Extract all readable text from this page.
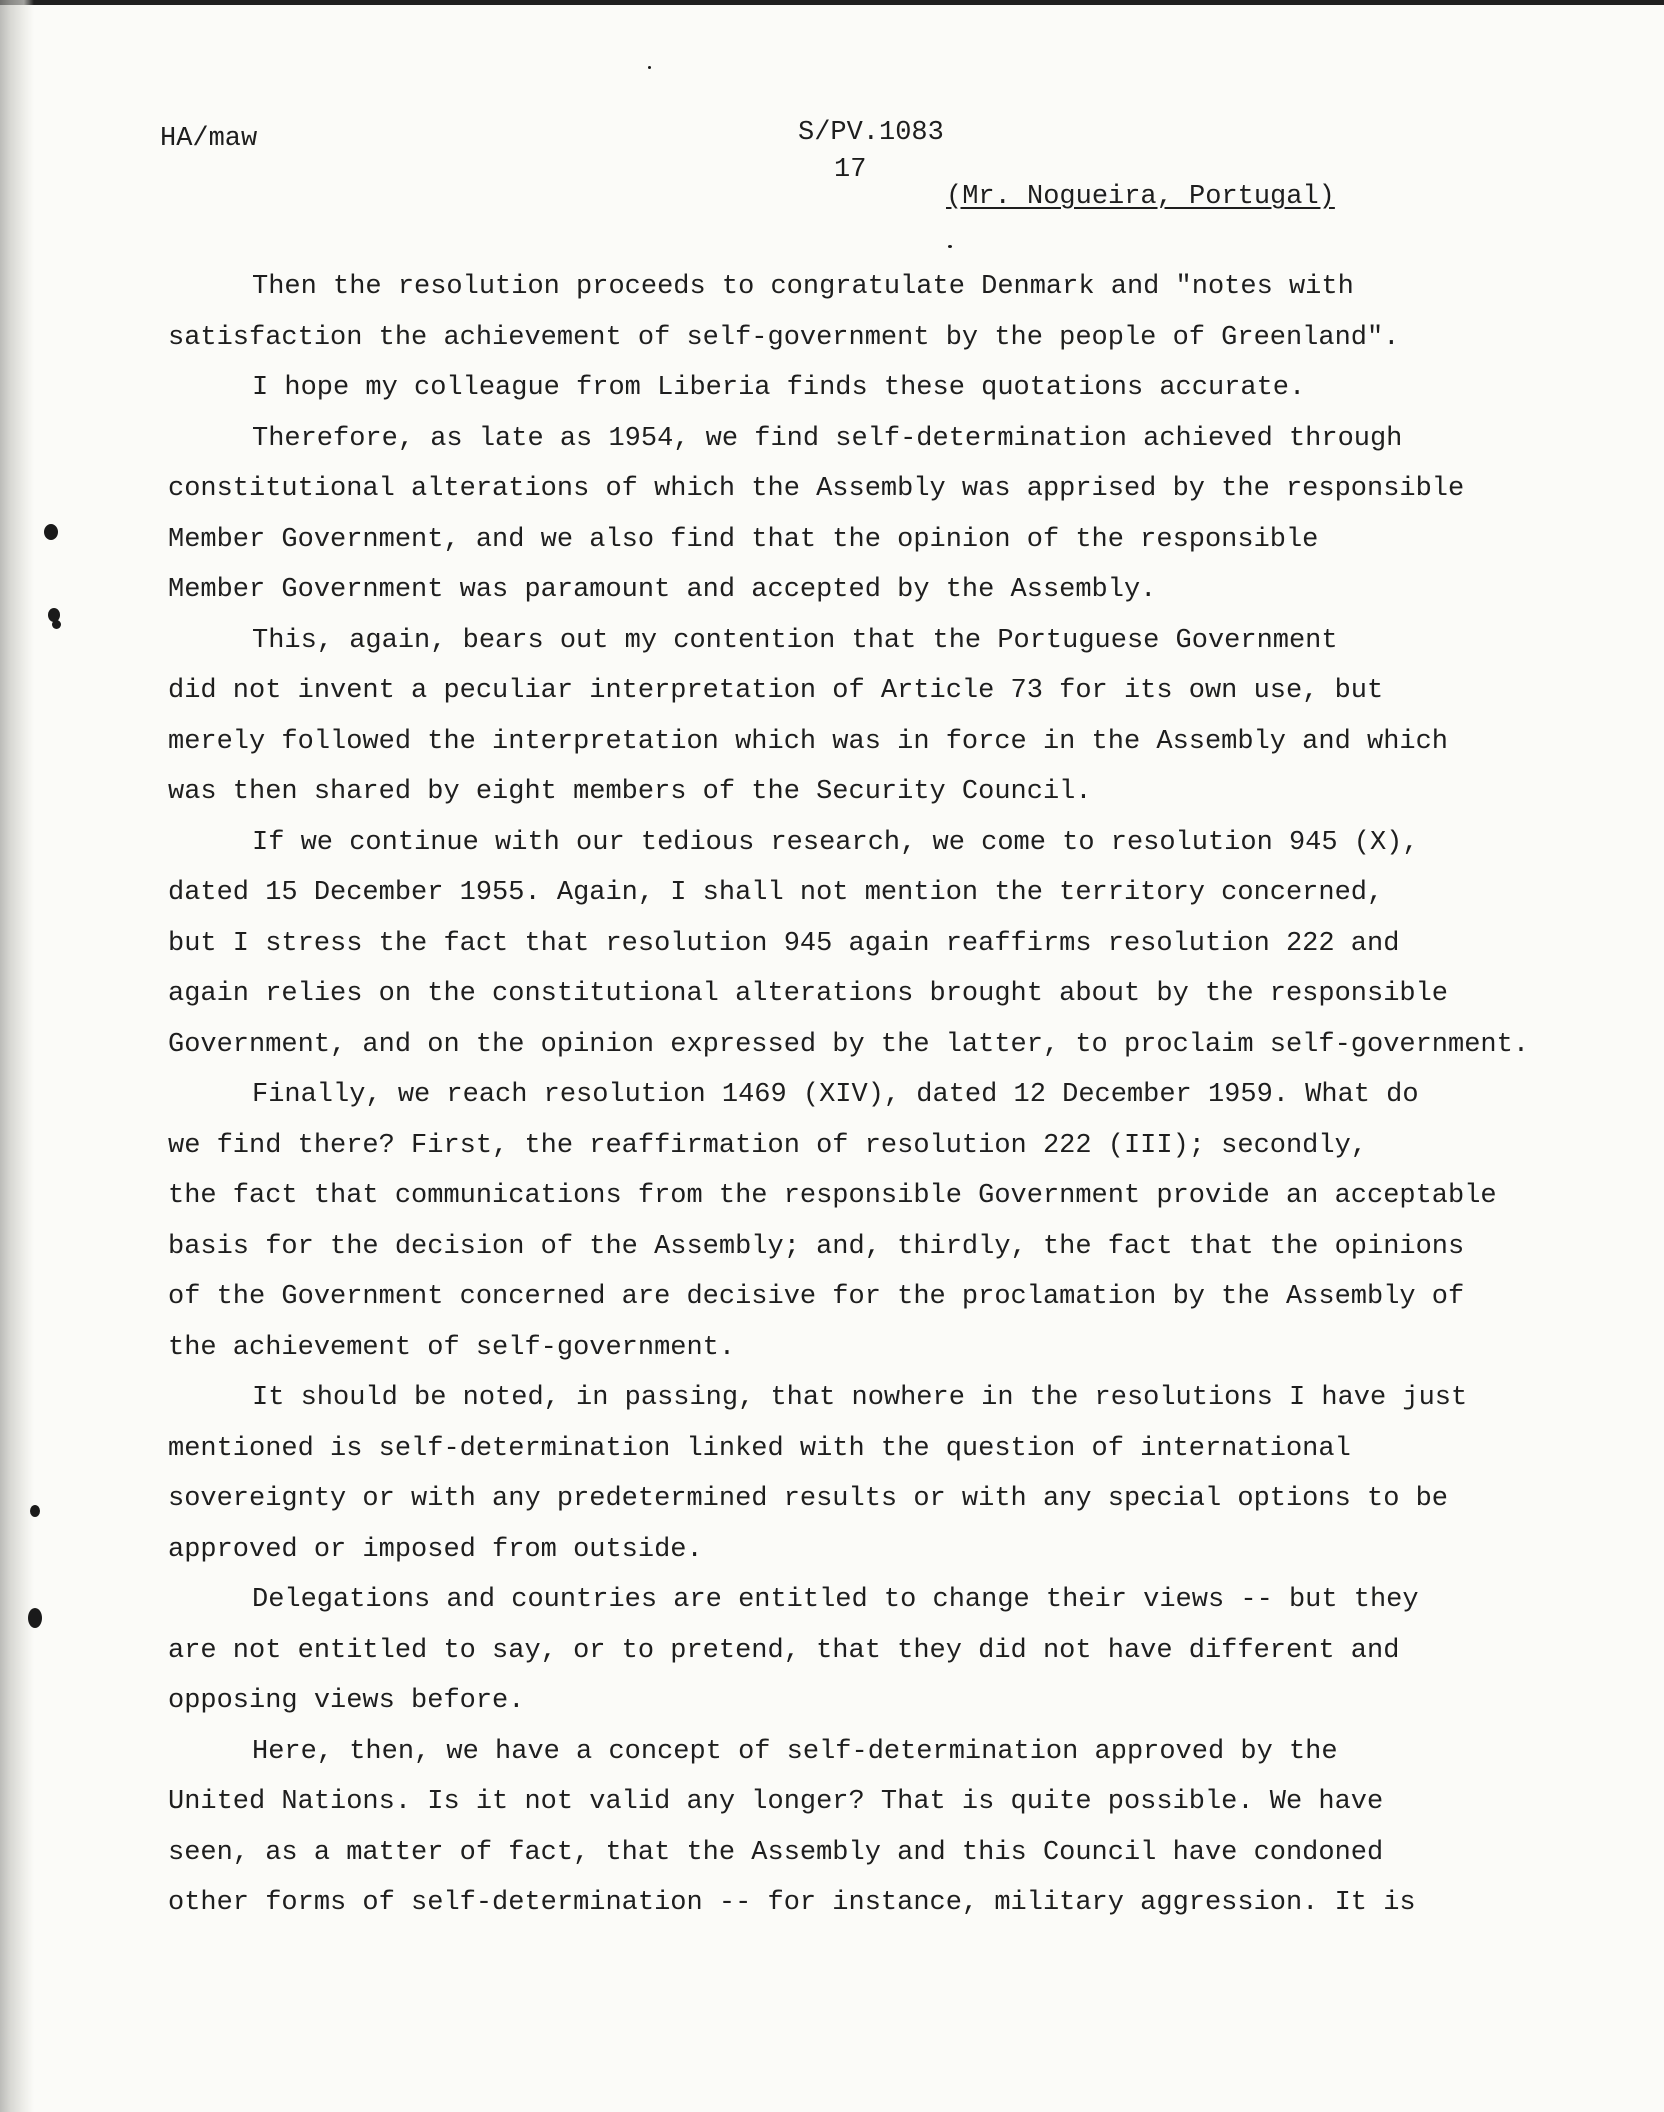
HA/maw	S/PV.1083
17
(Mr. Nogueira, Portugal)
Then the resolution proceeds to congratulate Denmark and "notes with
satisfaction the achievement of self-government by the people of Greenland".
I hope my colleague from Liberia finds these quotations accurate.
Therefore, as late as 1954, we find self-determination achieved through
constitutional alterations of which the Assembly was apprised by the responsible
Member Government, and we also find that the opinion of the responsible
Member Government was paramount and accepted by the Assembly.
This, again, bears out my contention that the Portuguese Government
did not invent a peculiar interpretation of Article 73 for its own use, but
merely followed the interpretation which was in force in the Assembly and which
was then shared by eight members of the Security Council.
If we continue with our tedious research, we come to resolution 945 (X),
dated 15 December 1955. Again, I shall not mention the territory concerned,
but I stress the fact that resolution 945 again reaffirms resolution 222 and
again relies on the constitutional alterations brought about by the responsible
Government, and on the opinion expressed by the latter, to proclaim self-government.
Finally, we reach resolution 1469 (XIV), dated 12 December 1959. What do
we find there? First, the reaffirmation of resolution 222 (III); secondly,
the fact that communications from the responsible Government provide an acceptable
basis for the decision of the Assembly; and, thirdly, the fact that the opinions
of the Government concerned are decisive for the proclamation by the Assembly of
the achievement of self-government.
It should be noted, in passing, that nowhere in the resolutions I have just
mentioned is self-determination linked with the question of international
sovereignty or with any predetermined results or with any special options to be
approved or imposed from outside.
Delegations and countries are entitled to change their views -- but they
are not entitled to say, or to pretend, that they did not have different and
opposing views before.
Here, then, we have a concept of self-determination approved by the
United Nations. Is it not valid any longer? That is quite possible. We have
seen, as a matter of fact, that the Assembly and this Council have condoned
other forms of self-determination -- for instance, military aggression. It is
